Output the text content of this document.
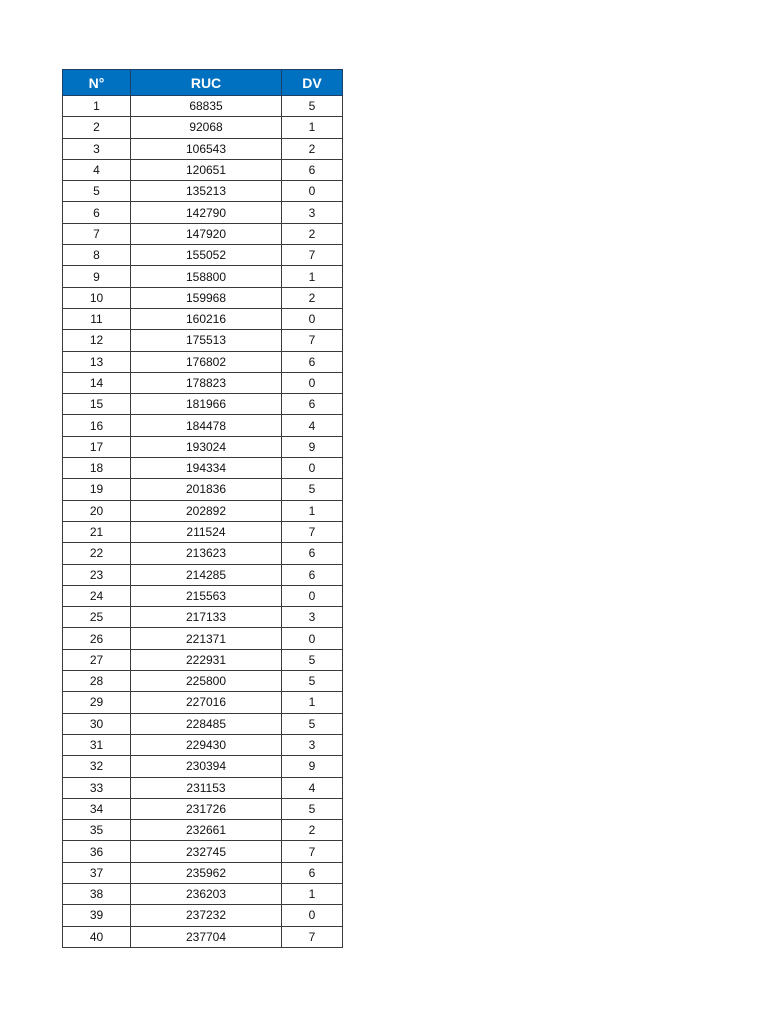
N°	RUC	DV
1	68835	5
2	92068	1
3	106543	2
4	120651	6
5	135213	0
6	142790	3
7	147920	2
8	155052	7
9	158800	1
10	159968	2
11	160216	0
12	175513	7
13	176802	6
14	178823	0
15	181966	6
16	184478	4
17	193024	9
18	194334	0
19	201836	5
20	202892	1
21	211524	7
22	213623	6
23	214285	6
24	215563	0
25	217133	3
26	221371	0
27	222931	5
28	225800	5
29	227016	1
30	228485	5
31	229430	3
32	230394	9
33	231153	4
34	231726	5
35	232661	2
36	232745	7
37	235962	6
38	236203	1
39	237232	0
40	237704	7
